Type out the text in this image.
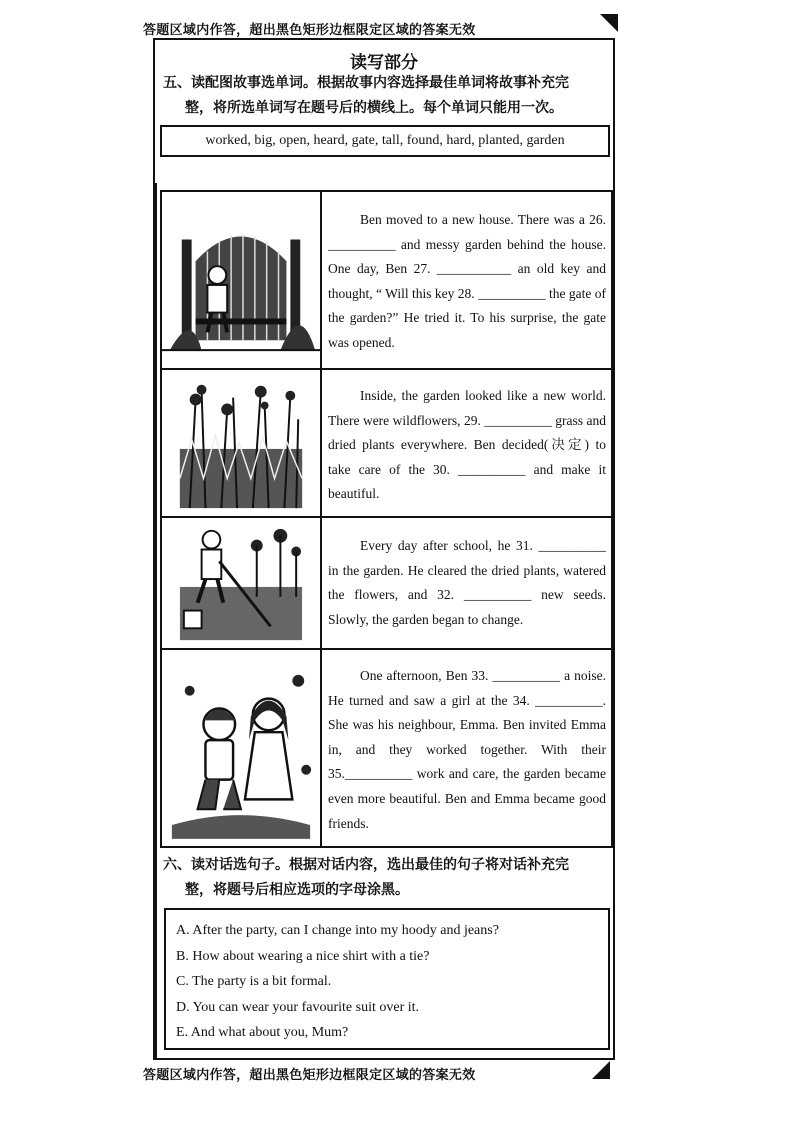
答题区域内作答，超出黑色矩形边框限定区域的答案无效
读写部分
五、读配图故事选单词。根据故事内容选择最佳单词将故事补充完
整，将所选单词写在题号后的横线上。每个单词只能用一次。
worked, big, open, heard, gate, tall, found, hard, planted, garden

Ben moved to a new house. There was a 26. __________ and messy garden behind the house. One day, Ben 27. ___________ an old key and thought, “ Will this key 28. __________ the gate of the garden?” He tried it. To his surprise, the gate was opened.

Inside, the garden looked like a new world. There were wildflowers, 29. __________ grass and dried plants everywhere. Ben decided(决定) to take care of the 30. __________ and make it beautiful.

Every day after school, he 31. __________ in the garden. He cleared the dried plants, watered the flowers, and 32. __________ new seeds. Slowly, the garden began to change.

One afternoon, Ben 33. __________ a noise. He turned and saw a girl at the 34. __________. She was his neighbour, Emma. Ben invited Emma in, and they worked together. With their 35.__________ work and care, the garden became even more beautiful. Ben and Emma became good friends.

六、读对话选句子。根据对话内容，选出最佳的句子将对话补充完
整，将题号后相应选项的字母涂黑。
A. After the party, can I change into my hoody and jeans?
B. How about wearing a nice shirt with a tie?
C. The party is a bit formal.
D. You can wear your favourite suit over it.
E. And what about you, Mum?
答题区域内作答，超出黑色矩形边框限定区域的答案无效
